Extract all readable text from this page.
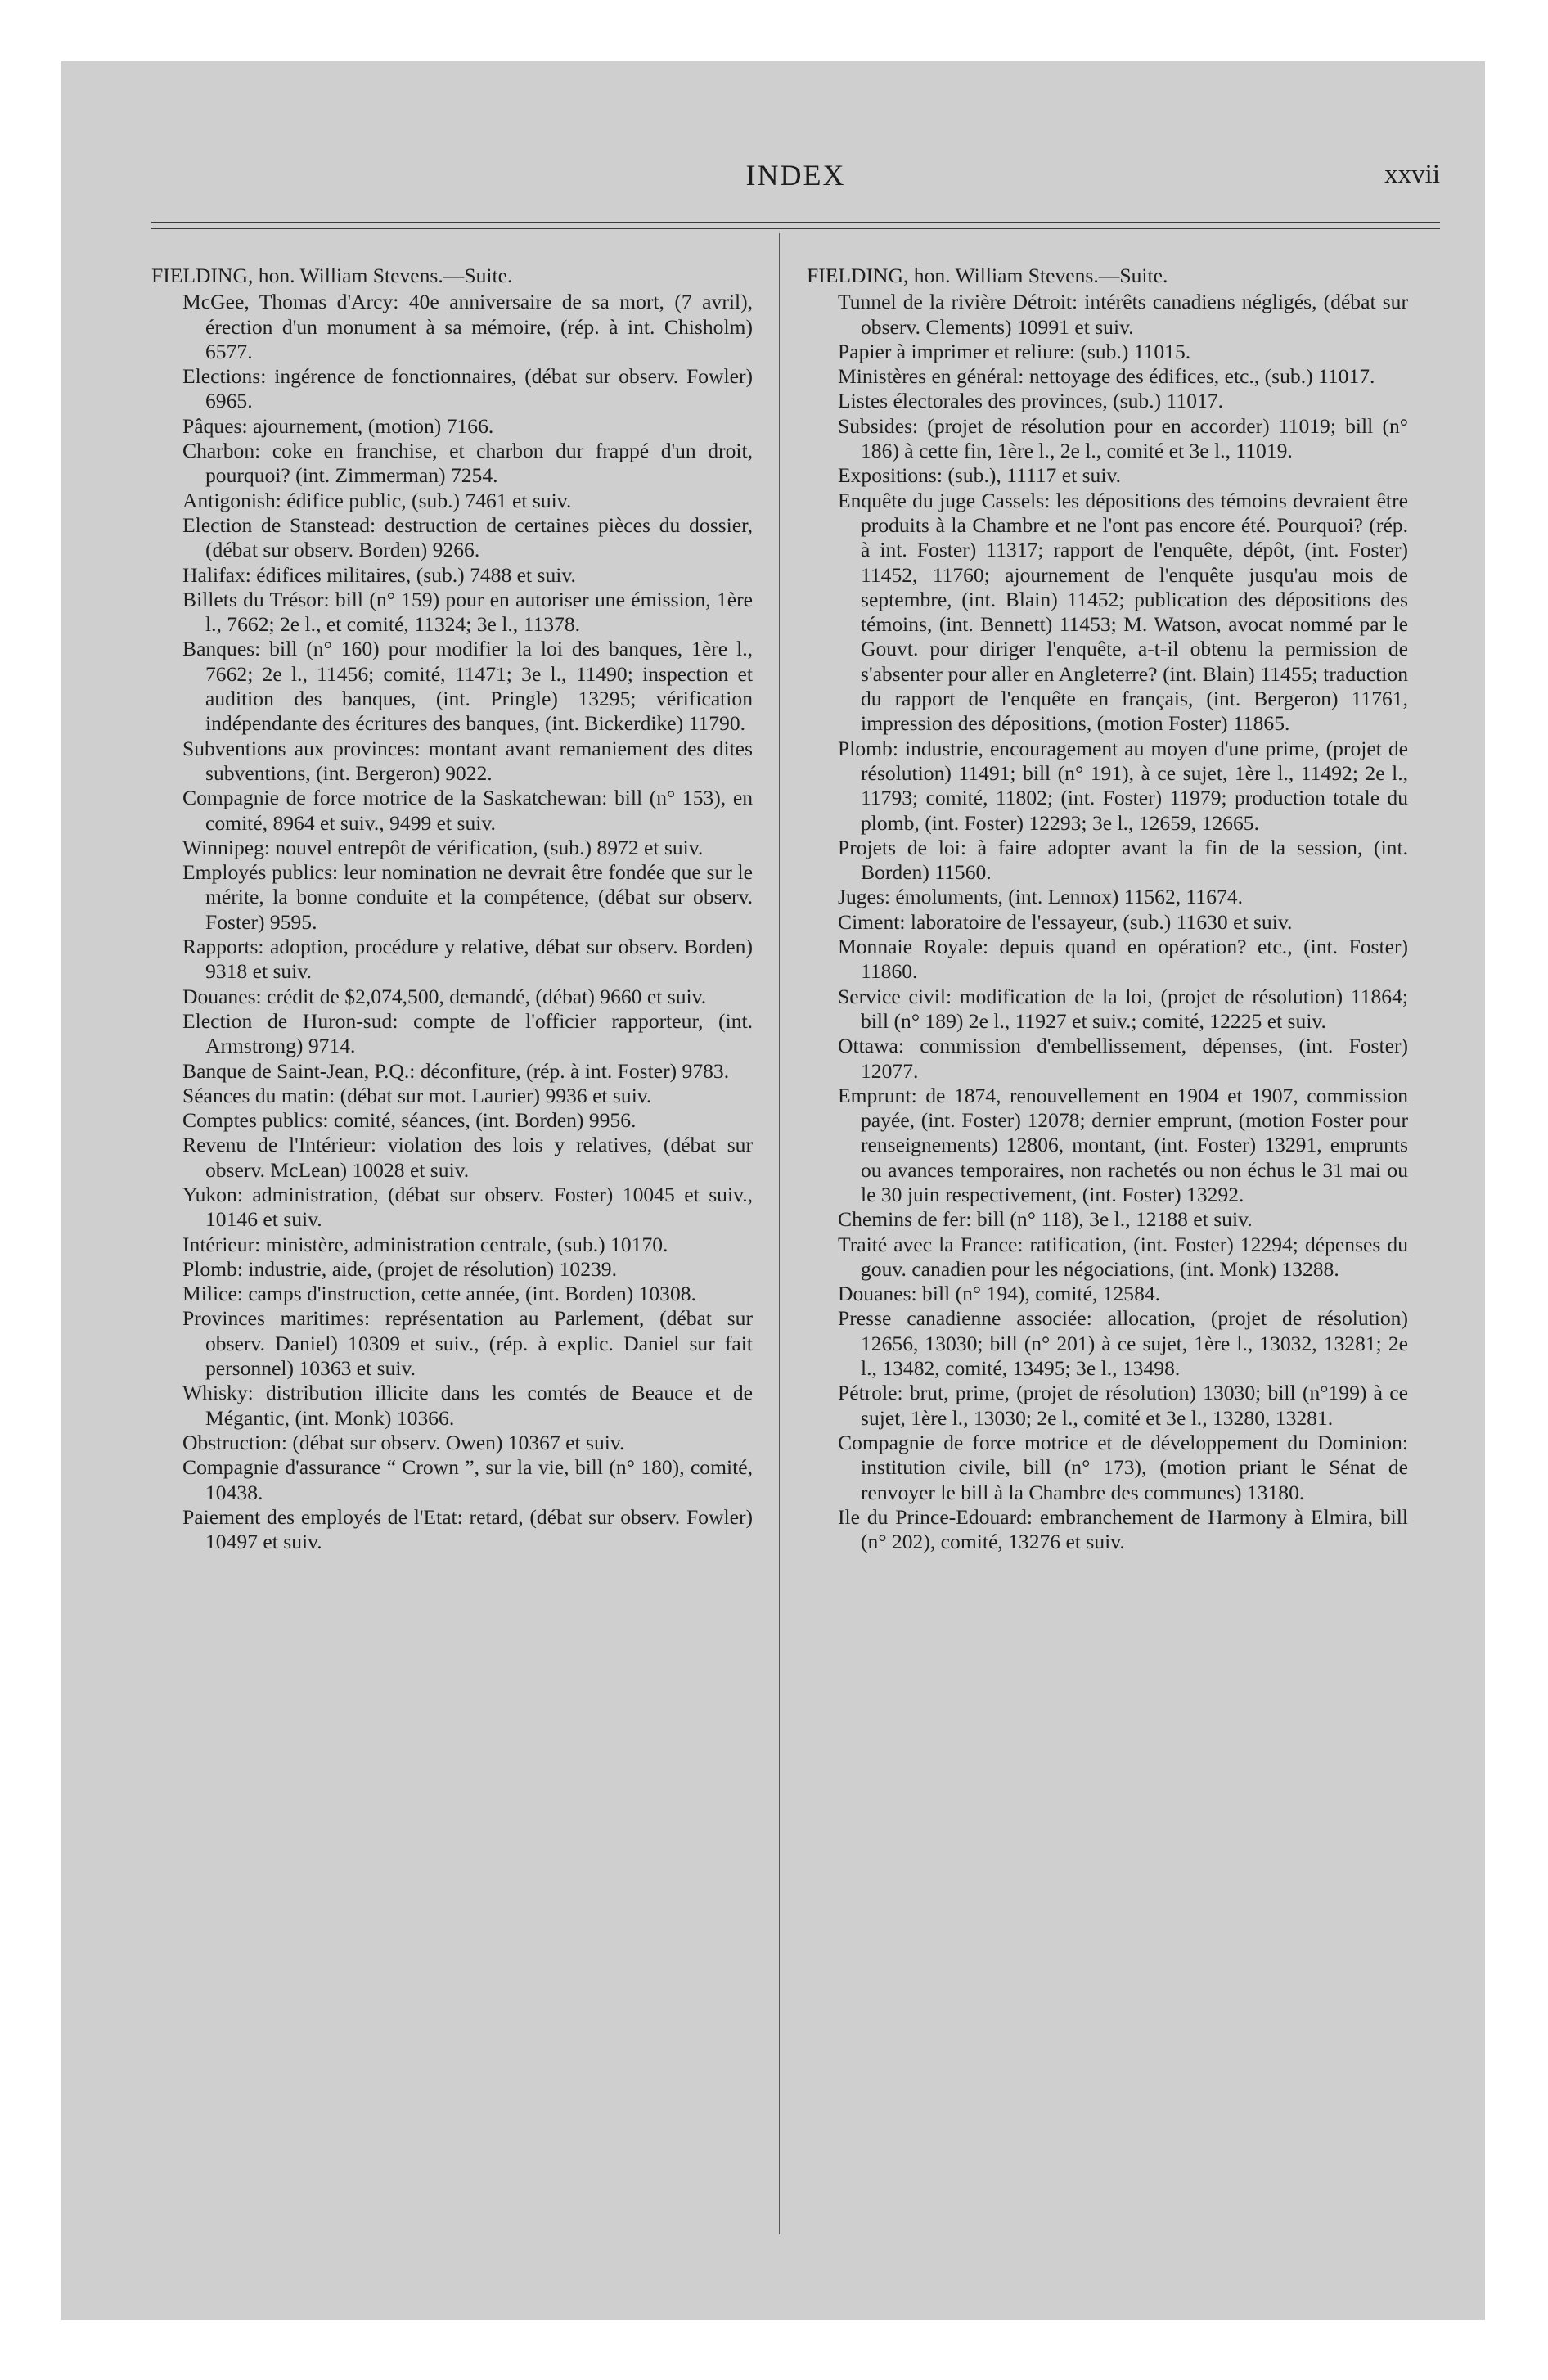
INDEX	xxvii

FIELDING, hon. William Stevens.—Suite.

McGee, Thomas d'Arcy: 40e anniversaire de sa mort, (7 avril), érection d'un monument à sa mémoire, (rép. à int. Chisholm) 6577.

Elections: ingérence de fonctionnaires, (débat sur observ. Fowler) 6965.

Pâques: ajournement, (motion) 7166.

Charbon: coke en franchise, et charbon dur frappé d'un droit, pourquoi? (int. Zimmerman) 7254.

Antigonish: édifice public, (sub.) 7461 et suiv.

Election de Stanstead: destruction de certaines pièces du dossier, (débat sur observ. Borden) 9266.

Halifax: édifices militaires, (sub.) 7488 et suiv.

Billets du Trésor: bill (n° 159) pour en autoriser une émission, 1ère l., 7662; 2e l., et comité, 11324; 3e l., 11378.

Banques: bill (n° 160) pour modifier la loi des banques, 1ère l., 7662; 2e l., 11456; comité, 11471; 3e l., 11490; inspection et audition des banques, (int. Pringle) 13295; vérification indépendante des écritures des banques, (int. Bickerdike) 11790.

Subventions aux provinces: montant avant remaniement des dites subventions, (int. Bergeron) 9022.

Compagnie de force motrice de la Saskatchewan: bill (n° 153), en comité, 8964 et suiv., 9499 et suiv.

Winnipeg: nouvel entrepôt de vérification, (sub.) 8972 et suiv.

Employés publics: leur nomination ne devrait être fondée que sur le mérite, la bonne conduite et la compétence, (débat sur observ. Foster) 9595.

Rapports: adoption, procédure y relative, débat sur observ. Borden) 9318 et suiv.

Douanes: crédit de $2,074,500, demandé, (débat) 9660 et suiv.

Election de Huron-sud: compte de l'officier rapporteur, (int. Armstrong) 9714.

Banque de Saint-Jean, P.Q.: déconfiture, (rép. à int. Foster) 9783.

Séances du matin: (débat sur mot. Laurier) 9936 et suiv.

Comptes publics: comité, séances, (int. Borden) 9956.

Revenu de l'Intérieur: violation des lois y relatives, (débat sur observ. McLean) 10028 et suiv.

Yukon: administration, (débat sur observ. Foster) 10045 et suiv., 10146 et suiv.

Intérieur: ministère, administration centrale, (sub.) 10170.

Plomb: industrie, aide, (projet de résolution) 10239.

Milice: camps d'instruction, cette année, (int. Borden) 10308.

Provinces maritimes: représentation au Parlement, (débat sur observ. Daniel) 10309 et suiv., (rép. à explic. Daniel sur fait personnel) 10363 et suiv.

Whisky: distribution illicite dans les comtés de Beauce et de Mégantic, (int. Monk) 10366.

Obstruction: (débat sur observ. Owen) 10367 et suiv.

Compagnie d'assurance “ Crown ”, sur la vie, bill (n° 180), comité, 10438.

Paiement des employés de l'Etat: retard, (débat sur observ. Fowler) 10497 et suiv.

FIELDING, hon. William Stevens.—Suite.

Tunnel de la rivière Détroit: intérêts canadiens négligés, (débat sur observ. Clements) 10991 et suiv.

Papier à imprimer et reliure: (sub.) 11015.

Ministères en général: nettoyage des édifices, etc., (sub.) 11017.

Listes électorales des provinces, (sub.) 11017.

Subsides: (projet de résolution pour en accorder) 11019; bill (n° 186) à cette fin, 1ère l., 2e l., comité et 3e l., 11019.

Expositions: (sub.), 11117 et suiv.

Enquête du juge Cassels: les dépositions des témoins devraient être produits à la Chambre et ne l'ont pas encore été. Pourquoi? (rép. à int. Foster) 11317; rapport de l'enquête, dépôt, (int. Foster) 11452, 11760; ajournement de l'enquête jusqu'au mois de septembre, (int. Blain) 11452; publication des dépositions des témoins, (int. Bennett) 11453; M. Watson, avocat nommé par le Gouvt. pour diriger l'enquête, a-t-il obtenu la permission de s'absenter pour aller en Angleterre? (int. Blain) 11455; traduction du rapport de l'enquête en français, (int. Bergeron) 11761, impression des dépositions, (motion Foster) 11865.

Plomb: industrie, encouragement au moyen d'une prime, (projet de résolution) 11491; bill (n° 191), à ce sujet, 1ère l., 11492; 2e l., 11793; comité, 11802; (int. Foster) 11979; production totale du plomb, (int. Foster) 12293; 3e l., 12659, 12665.

Projets de loi: à faire adopter avant la fin de la session, (int. Borden) 11560.

Juges: émoluments, (int. Lennox) 11562, 11674.

Ciment: laboratoire de l'essayeur, (sub.) 11630 et suiv.

Monnaie Royale: depuis quand en opération? etc., (int. Foster) 11860.

Service civil: modification de la loi, (projet de résolution) 11864; bill (n° 189) 2e l., 11927 et suiv.; comité, 12225 et suiv.

Ottawa: commission d'embellissement, dépenses, (int. Foster) 12077.

Emprunt: de 1874, renouvellement en 1904 et 1907, commission payée, (int. Foster) 12078; dernier emprunt, (motion Foster pour renseignements) 12806, montant, (int. Foster) 13291, emprunts ou avances temporaires, non rachetés ou non échus le 31 mai ou le 30 juin respectivement, (int. Foster) 13292.

Chemins de fer: bill (n° 118), 3e l., 12188 et suiv.

Traité avec la France: ratification, (int. Foster) 12294; dépenses du gouv. canadien pour les négociations, (int. Monk) 13288.

Douanes: bill (n° 194), comité, 12584.

Presse canadienne associée: allocation, (projet de résolution) 12656, 13030; bill (n° 201) à ce sujet, 1ère l., 13032, 13281; 2e l., 13482, comité, 13495; 3e l., 13498.

Pétrole: brut, prime, (projet de résolution) 13030; bill (n°199) à ce sujet, 1ère l., 13030; 2e l., comité et 3e l., 13280, 13281.

Compagnie de force motrice et de développement du Dominion: institution civile, bill (n° 173), (motion priant le Sénat de renvoyer le bill à la Chambre des communes) 13180.

Ile du Prince-Edouard: embranchement de Harmony à Elmira, bill (n° 202), comité, 13276 et suiv.
